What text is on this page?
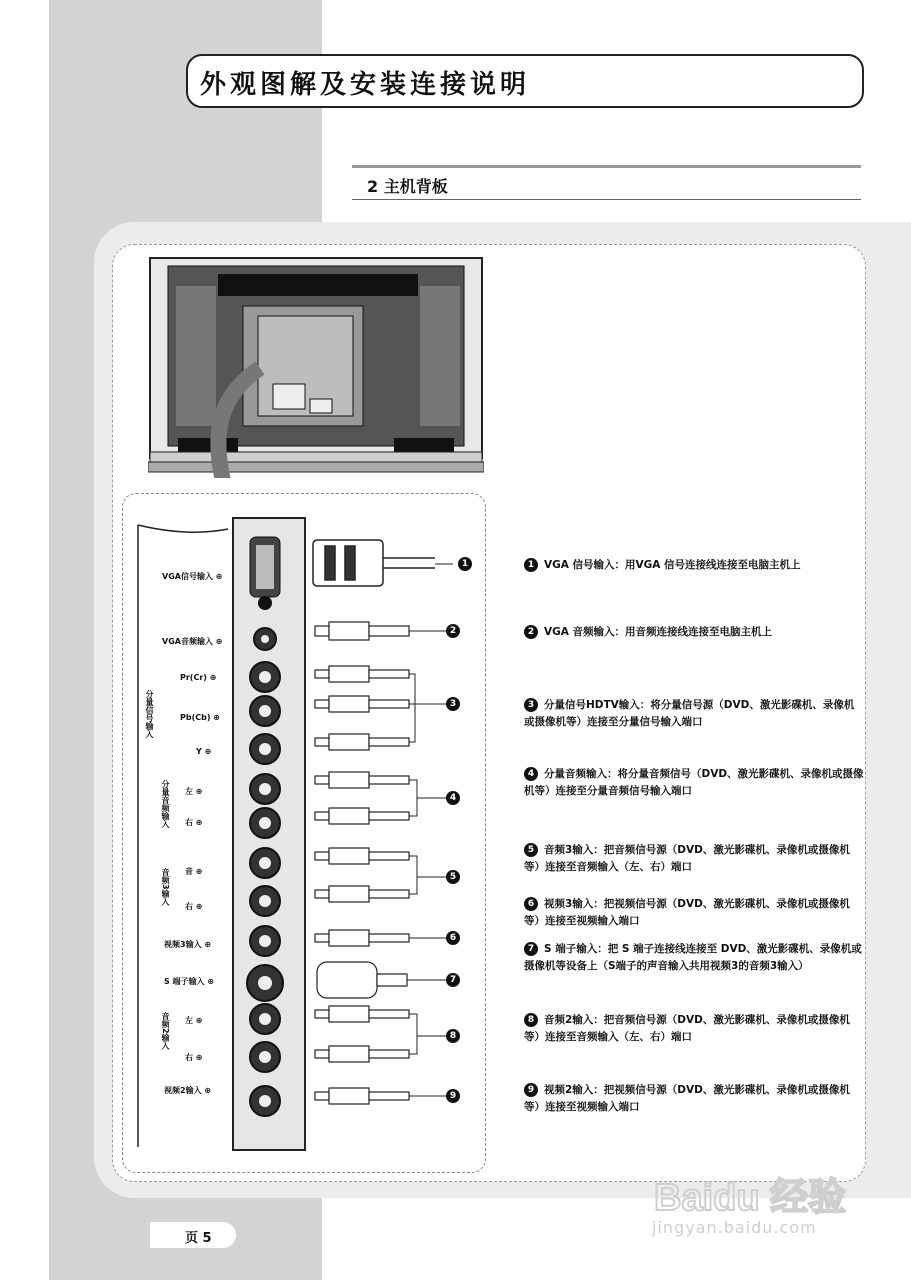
外观图解及安装连接说明
2 主机背板
1
2
3
4
5
6
7
8
9
VGA信号输入 ⊕
VGA音频输入 ⊕
Pr(Cr) ⊕
Pb(Cb) ⊕
Y ⊕
分量信号输入
左 ⊕
右 ⊕
分量音频输入
音 ⊕
右 ⊕
音频3输入
视频3输入 ⊕
S 端子输入 ⊕
左 ⊕
右 ⊕
音频2输入
视频2输入 ⊕
1 VGA 信号输入：用VGA 信号连接线连接至电脑主机上
2 VGA 音频输入：用音频连接线连接至电脑主机上
3 分量信号HDTV输入：将分量信号源（DVD、激光影碟机、录像机或摄像机等）连接至分量信号输入端口
4 分量音频输入：将分量音频信号（DVD、激光影碟机、录像机或摄像机等）连接至分量音频信号输入端口
5 音频3输入：把音频信号源（DVD、激光影碟机、录像机或摄像机等）连接至音频输入（左、右）端口
6 视频3输入：把视频信号源（DVD、激光影碟机、录像机或摄像机等）连接至视频输入端口
7 S 端子输入：把 S 端子连接线连接至 DVD、激光影碟机、录像机或摄像机等设备上（S端子的声音输入共用视频3的音频3输入）
8 音频2输入：把音频信号源（DVD、激光影碟机、录像机或摄像机等）连接至音频输入（左、右）端口
9 视频2输入：把视频信号源（DVD、激光影碟机、录像机或摄像机等）连接至视频输入端口
页 5
Baidu 经验
jingyan.baidu.com
